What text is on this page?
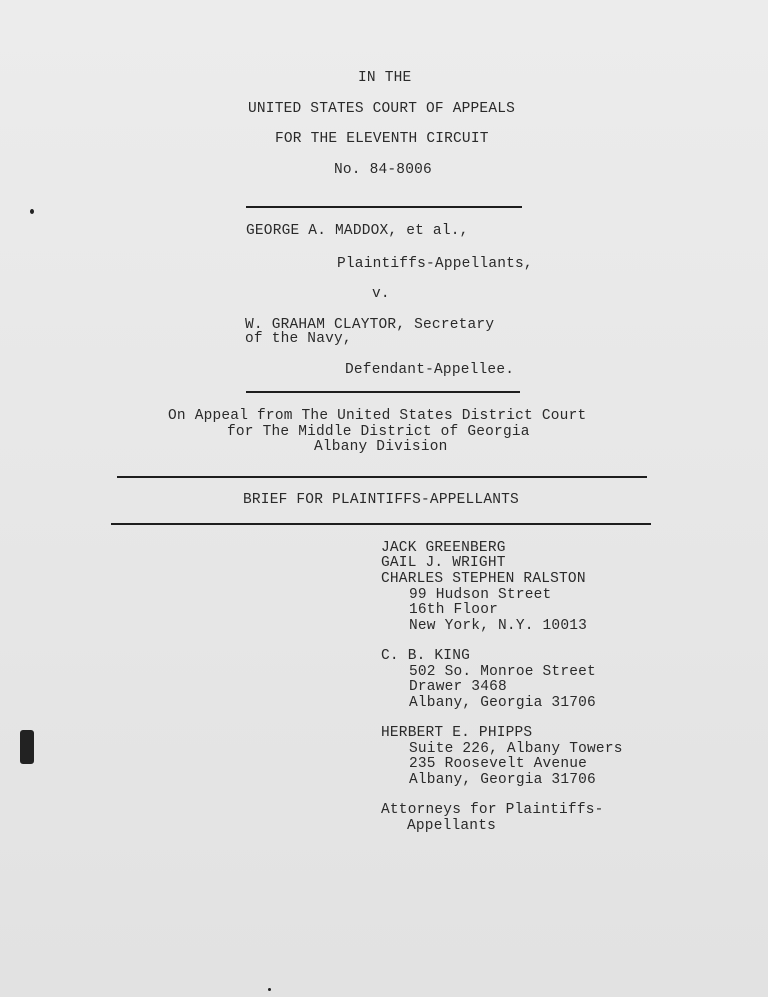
IN THE
UNITED STATES COURT OF APPEALS
FOR THE ELEVENTH CIRCUIT
No. 84-8006
GEORGE A. MADDOX, et al.,
Plaintiffs-Appellants,
v.
W. GRAHAM CLAYTOR, Secretary
of the Navy,
Defendant-Appellee.
On Appeal from The United States District Court
for The Middle District of Georgia
Albany Division
BRIEF FOR PLAINTIFFS-APPELLANTS
JACK GREENBERG
GAIL J. WRIGHT
CHARLES STEPHEN RALSTON
99 Hudson Street
16th Floor
New York, N.Y. 10013
C. B. KING
502 So. Monroe Street
Drawer 3468
Albany, Georgia 31706
HERBERT E. PHIPPS
Suite 226, Albany Towers
235 Roosevelt Avenue
Albany, Georgia 31706
Attorneys for Plaintiffs-
Appellants
